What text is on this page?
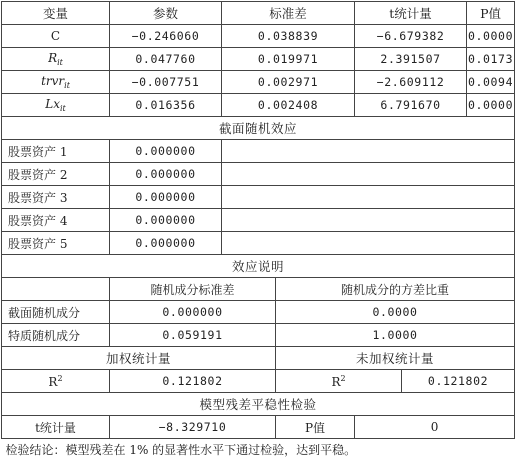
变量	参数	标准差		t统计量		P值
C	−0.246060	0.038839		−6.679382		0.0000
$R_{it}$	0.047760	0.019971		2.391507		0.0173
trvr$_{it}$	−0.007751	0.002971		−2.609112		0.0094
$Lx_{it}$	0.016356	0.002408		6.791670		0.0000
截面随机效应						
股票资产 1	0.000000					
股票资产 2	0.000000					
股票资产 3	0.000000					
股票资产 4	0.000000					
股票资产 5	0.000000					
效应说明						
	随机成分标准差		随机成分的方差比重			
截面随机成分	0.000000		0.0000			
特质随机成分	0.059191		1.0000			
加权统计量			未加权统计量			
$R^2$	0.121802		$R^2$		0.121802	
模型残差平稳性检验						
t统计量	−8.329710		P值	0		
检验结论：模型残差在 1% 的显著性水平下通过检验，达到平稳。						
